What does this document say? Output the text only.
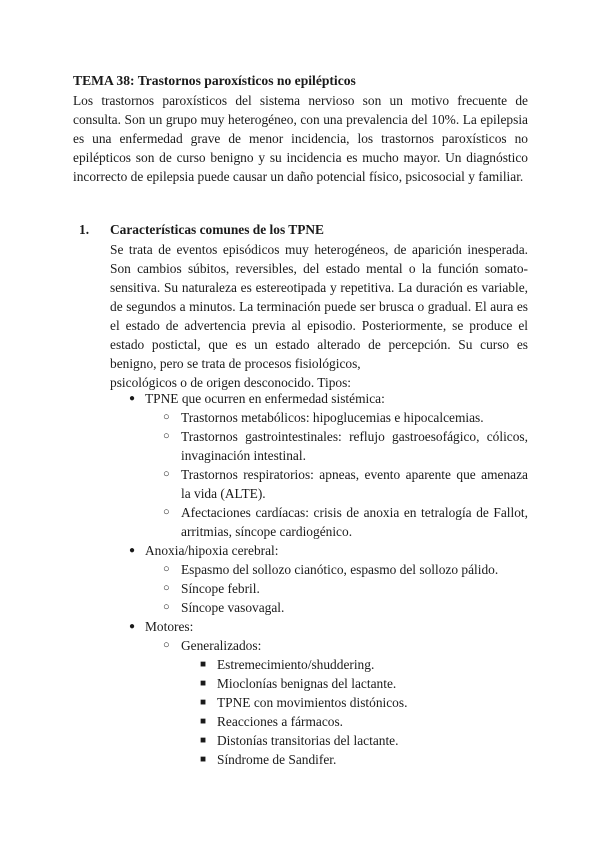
TEMA 38: Trastornos paroxísticos no epilépticos
Los trastornos paroxísticos del sistema nervioso son un motivo frecuente de consulta. Son un grupo muy heterogéneo, con una prevalencia del 10%. La epilepsia es una enfermedad grave de menor incidencia, los trastornos paroxísticos no epilépticos son de curso benigno y su incidencia es mucho mayor. Un diagnóstico incorrecto de epilepsia puede causar un daño potencial físico, psicosocial y familiar.
1. Características comunes de los TPNE
Se trata de eventos episódicos muy heterogéneos, de aparición inesperada. Son cambios súbitos, reversibles, del estado mental o la función somato-sensitiva. Su naturaleza es estereotipada y repetitiva. La duración es variable, de segundos a minutos. La terminación puede ser brusca o gradual. El aura es el estado de advertencia previa al episodio. Posteriormente, se produce el estado postictal, que es un estado alterado de percepción. Su curso es benigno, pero se trata de procesos fisiológicos,
psicológicos o de origen desconocido. Tipos:
● TPNE que ocurren en enfermedad sistémica:
○ Trastornos metabólicos: hipoglucemias e hipocalcemias.
○ Trastornos gastrointestinales: reflujo gastroesofágico, cólicos, invaginación intestinal.
○ Trastornos respiratorios: apneas, evento aparente que amenaza la vida (ALTE).
○ Afectaciones cardíacas: crisis de anoxia en tetralogía de Fallot, arritmias, síncope cardiogénico.
● Anoxia/hipoxia cerebral:
○ Espasmo del sollozo cianótico, espasmo del sollozo pálido.
○ Síncope febril.
○ Síncope vasovagal.
● Motores:
○ Generalizados:
■ Estremecimiento/shuddering.
■ Mioclonías benignas del lactante.
■ TPNE con movimientos distónicos.
■ Reacciones a fármacos.
■ Distonías transitorias del lactante.
■ Síndrome de Sandifer.
